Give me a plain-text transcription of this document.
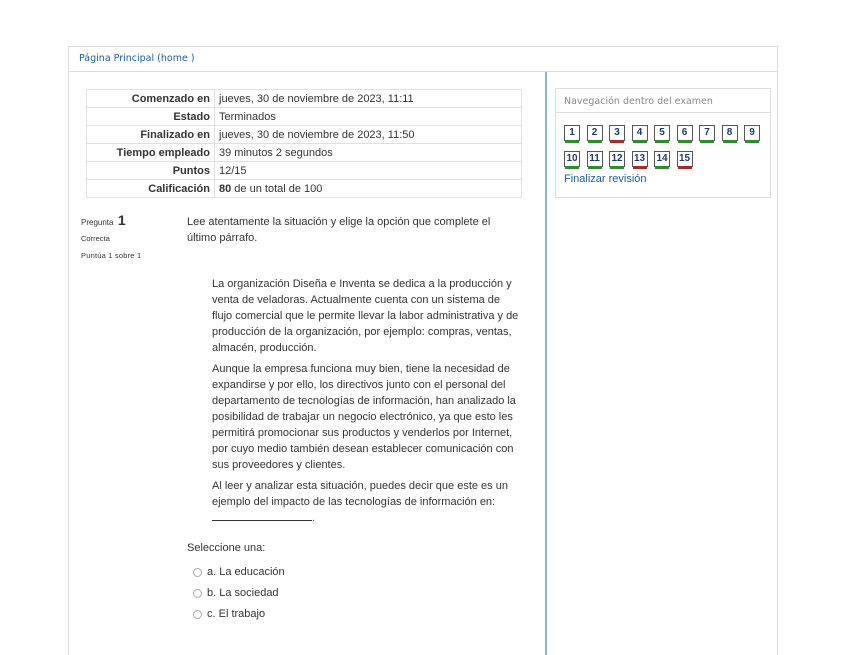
Página Principal (home )
Comenzado en	jueves, 30 de noviembre de 2023, 11:11
Estado	Terminados
Finalizado en	jueves, 30 de noviembre de 2023, 11:50
Tiempo empleado	39 minutos 2 segundos
Puntos	12/15
Calificación	80 de un total de 100
Pregunta 1
Correcta
Puntúa 1 sobre 1
Lee atentamente la situación y elige la opción que complete el último párrafo.

La organización Diseña e Inventa se dedica a la producción y venta de veladoras. Actualmente cuenta con un sistema de flujo comercial que le permite llevar la labor administrativa y de producción de la organización, por ejemplo: compras, ventas, almacén, producción.

Aunque la empresa funciona muy bien, tiene la necesidad de expandirse y por ello, los directivos junto con el personal del departamento de tecnologías de información, han analizado la posibilidad de trabajar un negocio electrónico, ya que esto les permitirá promocionar sus productos y venderlos por Internet, por cuyo medio también desean establecer comunicación con sus proveedores y clientes.

Al leer y analizar esta situación, puedes decir que este es un ejemplo del impacto de las tecnologías de información en:
.

Seleccione una:
a. La educación
b. La sociedad
c. El trabajo
Navegación dentro del examen
1	2	3	4	5	6	7	8	9
10 11 12 13 14 15
Finalizar revisión
